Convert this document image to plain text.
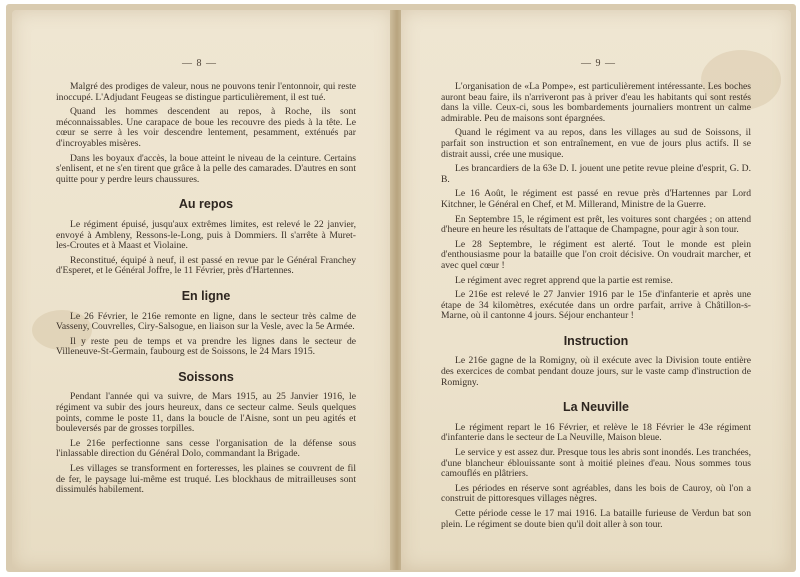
— 8 —

Malgré des prodiges de valeur, nous ne pouvons tenir l'entonnoir, qui reste inoccupé. L'Adjudant Feugeas se distingue particulièrement, il est tué.

Quand les hommes descendent au repos, à Roche, ils sont méconnaissables. Une carapace de boue les recouvre des pieds à la tête. Le cœur se serre à les voir descendre lentement, pesamment, exténués par d'incroyables misères.

Dans les boyaux d'accès, la boue atteint le niveau de la ceinture. Certains s'enlisent, et ne s'en tirent que grâce à la pelle des camarades. D'autres en sont quitte pour y perdre leurs chaussures.

Au repos

Le régiment épuisé, jusqu'aux extrêmes limites, est relevé le 22 janvier, envoyé à Ambleny, Ressons-le-Long, puis à Dommiers. Il s'arrête à Muret-les-Croutes et à Maast et Violaine.

Reconstitué, équipé à neuf, il est passé en revue par le Général Franchey d'Esperet, et le Général Joffre, le 11 Février, près d'Hartennes.

En ligne

Le 26 Février, le 216e remonte en ligne, dans le secteur très calme de Vasseny, Couvrelles, Ciry-Salsogue, en liaison sur la Vesle, avec la 5e Armée.

Il y reste peu de temps et va prendre les lignes dans le secteur de Villeneuve-St-Germain, faubourg est de Soissons, le 24 Mars 1915.

Soissons

Pendant l'année qui va suivre, de Mars 1915, au 25 Janvier 1916, le régiment va subir des jours heureux, dans ce secteur calme. Seuls quelques points, comme le poste 11, dans la boucle de l'Aisne, sont un peu agités et bouleversés par de grosses torpilles.

Le 216e perfectionne sans cesse l'organisation de la défense sous l'inlassable direction du Général Dolo, commandant la Brigade.

Les villages se transforment en forteresses, les plaines se couvrent de fil de fer, le paysage lui-même est truqué. Les blockhaus de mitrailleuses sont dissimulés habilement.

— 9 —

L'organisation de «La Pompe», est particulièrement intéressante. Les boches auront beau faire, ils n'arriveront pas à priver d'eau les habitants qui sont restés dans la ville. Ceux-ci, sous les bombardements journaliers montrent un calme admirable. Peu de maisons sont épargnées.

Quand le régiment va au repos, dans les villages au sud de Soissons, il parfait son instruction et son entraînement, en vue de jours plus actifs. Il se distrait aussi, crée une musique.

Les brancardiers de la 63e D. I. jouent une petite revue pleine d'esprit, G. D. B.

Le 16 Août, le régiment est passé en revue près d'Hartennes par Lord Kitchner, le Général en Chef, et M. Millerand, Ministre de la Guerre.

En Septembre 15, le régiment est prêt, les voitures sont chargées ; on attend d'heure en heure les résultats de l'attaque de Champagne, pour agir à son tour.

Le 28 Septembre, le régiment est alerté. Tout le monde est plein d'enthousiasme pour la bataille que l'on croit décisive. On voudrait marcher, et avec quel cœur !

Le régiment avec regret apprend que la partie est remise.

Le 216e est relevé le 27 Janvier 1916 par le 15e d'infanterie et après une étape de 34 kilomètres, exécutée dans un ordre parfait, arrive à Châtillon-s-Marne, où il cantonne 4 jours. Séjour enchanteur !

Instruction

Le 216e gagne de la Romigny, où il exécute avec la Division toute entière des exercices de combat pendant douze jours, sur le vaste camp d'instruction de Romigny.

La Neuville

Le régiment repart le 16 Février, et relève le 18 Février le 43e régiment d'infanterie dans le secteur de La Neuville, Maison bleue.

Le service y est assez dur. Presque tous les abris sont inondés. Les tranchées, d'une blancheur éblouissante sont à moitié pleines d'eau. Nous sommes tous camouflés en plâtriers.

Les périodes en réserve sont agréables, dans les bois de Cauroy, où l'on a construit de pittoresques villages nègres.

Cette période cesse le 17 mai 1916. La bataille furieuse de Verdun bat son plein. Le régiment se doute bien qu'il doit aller à son tour.
